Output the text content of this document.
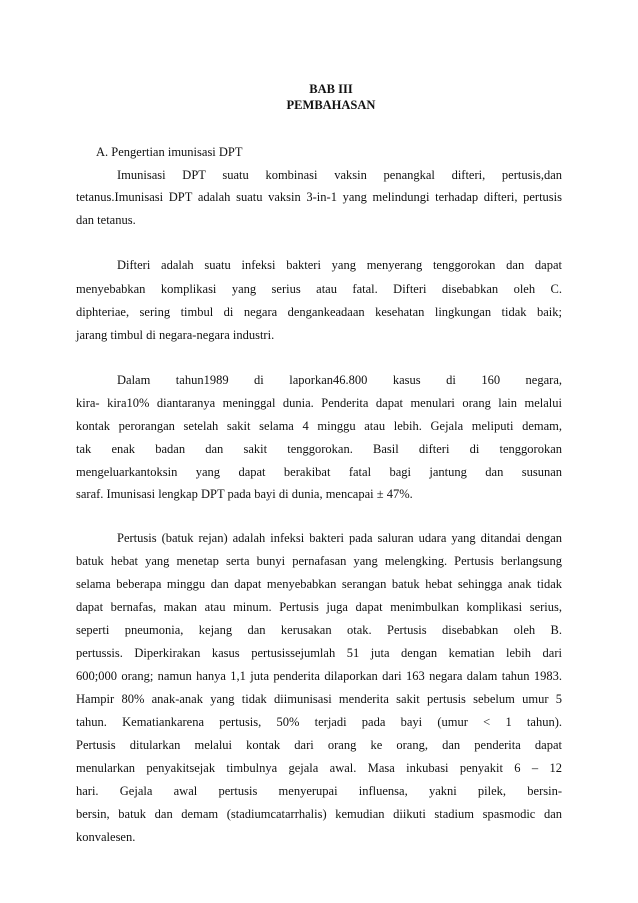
BAB III
PEMBAHASAN
A. Pengertian imunisasi DPT
Imunisasi DPT suatu kombinasi vaksin penangkal difteri, pertusis,dan
tetanus.Imunisasi DPT adalah suatu vaksin 3-in-1 yang melindungi terhadap difteri, pertusis
dan tetanus.
Difteri adalah suatu infeksi bakteri yang menyerang tenggorokan dan dapat
menyebabkan komplikasi yang serius atau fatal. Difteri disebabkan oleh C.
diphteriae, sering timbul di negara dengankeadaan kesehatan lingkungan tidak baik;
jarang timbul di negara-negara industri.
Dalam tahun1989 di laporkan46.800 kasus di 160 negara,
kira- kira10% diantaranya meninggal dunia. Penderita dapat menulari orang lain melalui
kontak perorangan setelah sakit selama 4 minggu atau lebih. Gejala meliputi demam,
tak enak badan dan sakit tenggorokan. Basil difteri di tenggorokan
mengeluarkantoksin yang dapat berakibat fatal bagi jantung dan susunan
saraf. Imunisasi lengkap DPT pada bayi di dunia, mencapai ± 47%.
Pertusis (batuk rejan) adalah infeksi bakteri pada saluran udara yang ditandai dengan
batuk hebat yang menetap serta bunyi pernafasan yang melengking. Pertusis berlangsung
selama beberapa minggu dan dapat menyebabkan serangan batuk hebat sehingga anak tidak
dapat bernafas, makan atau minum. Pertusis juga dapat menimbulkan komplikasi serius,
seperti pneumonia, kejang dan kerusakan otak. Pertusis disebabkan oleh B.
pertussis. Diperkirakan kasus pertusissejumlah 51 juta dengan kematian lebih dari
600;000 orang; namun hanya 1,1 juta penderita dilaporkan dari 163 negara dalam tahun 1983.
Hampir 80% anak-anak yang tidak diimunisasi menderita sakit pertusis sebelum umur 5
tahun. Kematiankarena pertusis, 50% terjadi pada bayi (umur < 1 tahun).
Pertusis ditularkan melalui kontak dari orang ke orang, dan penderita dapat
menularkan penyakitsejak timbulnya gejala awal. Masa inkubasi penyakit 6 – 12
hari. Gejala awal pertusis menyerupai influensa, yakni pilek, bersin-
bersin, batuk dan demam (stadiumcatarrhalis) kemudian diikuti stadium spasmodic dan
konvalesen.
